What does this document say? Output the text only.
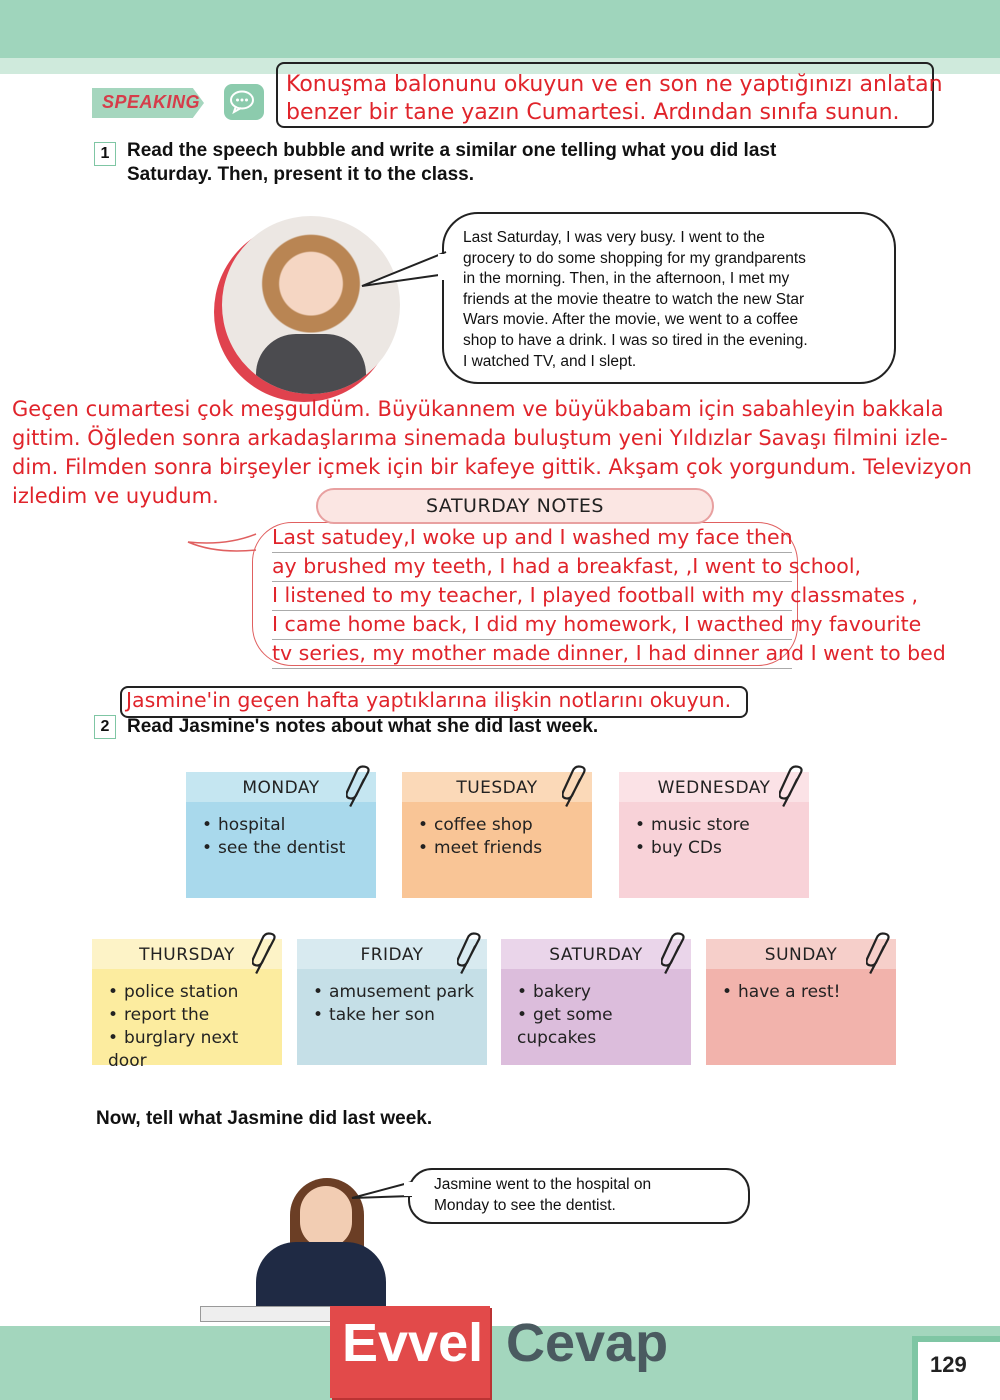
SPEAKING
Konuşma balonunu okuyun ve en son ne yaptığınızı anlatan
benzer bir tane yazın Cumartesi. Ardından sınıfa sunun.
1 Read the speech bubble and write a similar one telling what you did last
Saturday. Then, present it to the class.
Last Saturday, I was very busy. I went to the
grocery to do some shopping for my grandparents
in the morning. Then, in the afternoon, I met my
friends at the movie theatre to watch the new Star
Wars movie. After the movie, we went to a coffee
shop to have a drink. I was so tired in the evening.
I watched TV, and I slept.
Geçen cumartesi çok meşguldüm. Büyükannem ve büyükbabam için sabahleyin bakkala
gittim. Öğleden sonra arkadaşlarıma sinemada buluştum yeni Yıldızlar Savaşı filmini izle-
dim. Filmden sonra birşeyler içmek için bir kafeye gittik. Akşam çok yorgundum. Televizyon
izledim ve uyudum.	SATURDAY NOTES
Last satudey,I woke up and I washed my face then
ay brushed my teeth, I had a breakfast, ,I went to school,
I listened to my teacher, I played football with my classmates ,
I came home back, I did my homework, I wacthed my favourite
tv series, my mother made dinner, I had dinner and I went to bed
Jasmine'in geçen hafta yaptıklarına ilişkin notlarını okuyun.
2 Read Jasmine's notes about what she did last week.
MONDAY
• hospital
• see the dentist
TUESDAY
• coffee shop
• meet friends
WEDNESDAY
• music store
• buy CDs
THURSDAY
• police station
• report the
• burglary next door
FRIDAY
• amusement park
• take her son
SATURDAY
• bakery
• get some cupcakes
SUNDAY
• have a rest!
Now, tell what Jasmine did last week.
Jasmine went to the hospital on
Monday to see the dentist.
Evvel Cevap	129
